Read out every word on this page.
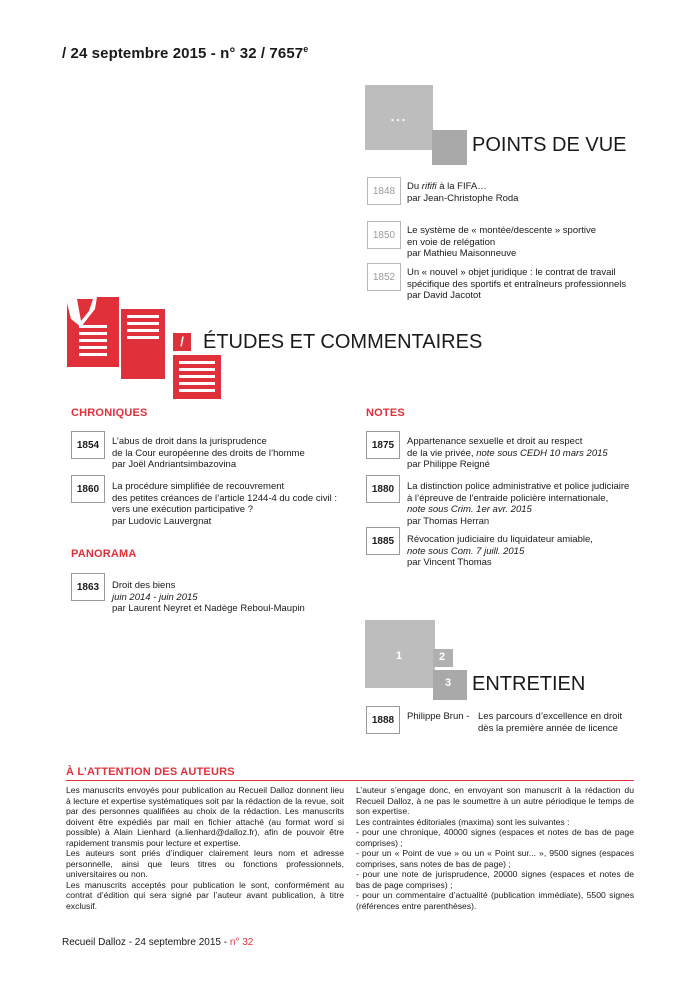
/ 24 septembre 2015 - n° 32 / 7657e
...
POINTS DE VUE
1848	Du rififi à la FIFA…
par Jean-Christophe Roda
1850	Le système de « montée/descente » sportive
en voie de relégation
par Mathieu Maisonneuve
1852	Un « nouvel » objet juridique : le contrat de travail
spécifique des sportifs et entraîneurs professionnels
par David Jacotot
/ ÉTUDES ET COMMENTAIRES
CHRONIQUES
1854	L’abus de droit dans la jurisprudence
de la Cour européenne des droits de l’homme
par Joël Andriantsimbazovina
1860	La procédure simplifiée de recouvrement
des petites créances de l’article 1244-4 du code civil :
vers une exécution participative ?
par Ludovic Lauvergnat
PANORAMA
1863	Droit des biens
juin 2014 - juin 2015
par Laurent Neyret et Nadège Reboul-Maupin
NOTES
1875	Appartenance sexuelle et droit au respect
de la vie privée, note sous CEDH 10 mars 2015
par Philippe Reigné
1880	La distinction police administrative et police judiciaire
à l’épreuve de l’entraide policière internationale,
note sous Crim. 1er avr. 2015
par Thomas Herran
1885	Révocation judiciaire du liquidateur amiable,
note sous Com. 7 juill. 2015
par Vincent Thomas
1	2
3 ENTRETIEN
1888	Philippe Brun - Les parcours d’excellence en droit
dès la première année de licence
À L’ATTENTION DES AUTEURS

Les manuscrits envoyés pour publication au Recueil Dalloz donnent lieu à lecture et expertise systématiques soit par la rédaction de la revue, soit par des personnes qualifiées au choix de la rédaction. Les manuscrits doivent être expédiés par mail en fichier attaché (au format word si possible) à Alain Lienhard (a.lienhard@dalloz.fr), afin de pouvoir être rapidement transmis pour lecture et expertise.

Les auteurs sont priés d’indiquer clairement leurs nom et adresse personnelle, ainsi que leurs titres ou fonctions professionnels, universitaires ou non.

Les manuscrits acceptés pour publication le sont, conformément au contrat d’édition qui sera signé par l’auteur avant publication, à titre exclusif.

L’auteur s’engage donc, en envoyant son manuscrit à la rédaction du Recueil Dalloz, à ne pas le soumettre à un autre périodique le temps de son expertise.

Les contraintes éditoriales (maxima) sont les suivantes :

- pour une chronique, 40000 signes (espaces et notes de bas de page comprises) ;

- pour un « Point de vue » ou un « Point sur... », 9500 signes (espaces comprises, sans notes de bas de page) ;

- pour une note de jurisprudence, 20000 signes (espaces et notes de bas de page comprises) ;

- pour un commentaire d’actualité (publication immédiate), 5500 signes (références entre parenthèses).

Recueil Dalloz - 24 septembre 2015 - n° 32
